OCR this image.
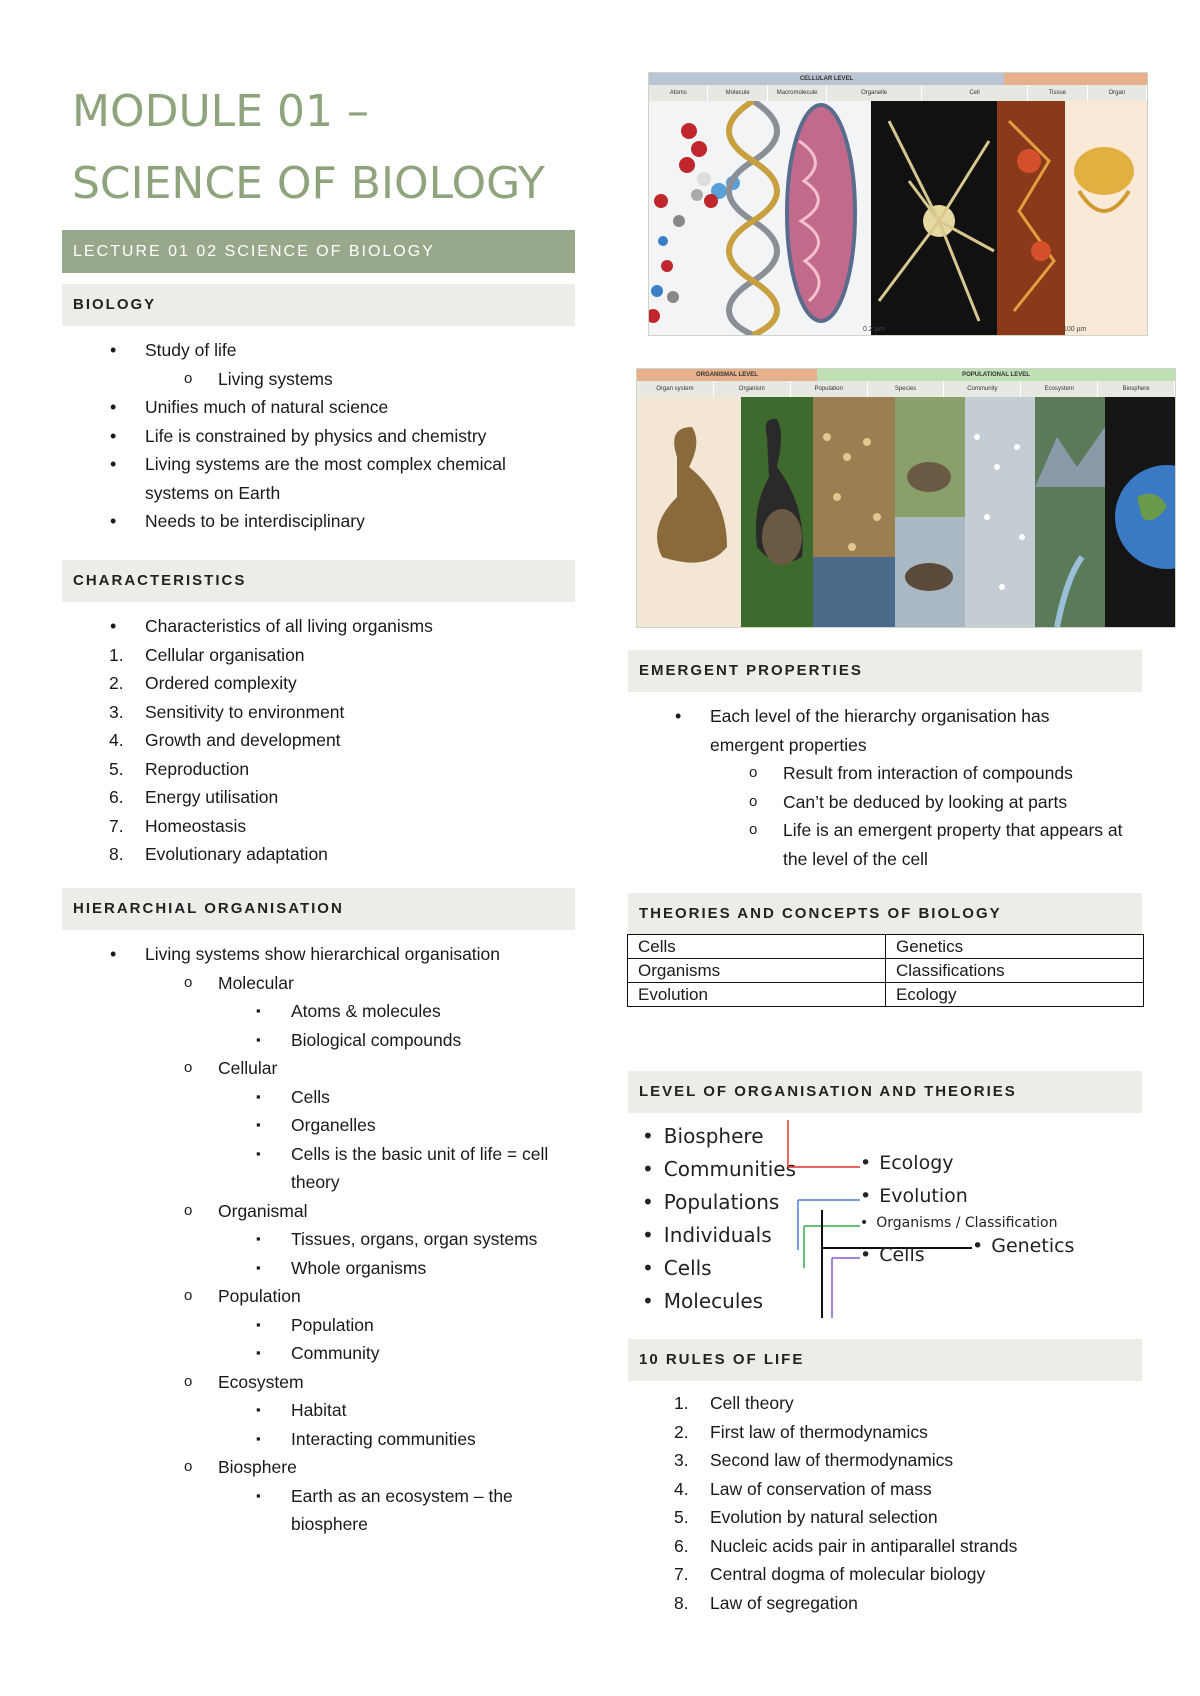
MODULE 01 –
SCIENCE OF BIOLOGY
LECTURE 01 02 SCIENCE OF BIOLOGY
BIOLOGY
• Study of life
o Living systems
• Unifies much of natural science
• Life is constrained by physics and chemistry
• Living systems are the most complex chemical systems on Earth
• Needs to be interdisciplinary
CHARACTERISTICS
• Characteristics of all living organisms
1. Cellular organisation
2. Ordered complexity
3. Sensitivity to environment
4. Growth and development
5. Reproduction
6. Energy utilisation
7. Homeostasis
8. Evolutionary adaptation
HIERARCHIAL ORGANISATION
• Living systems show hierarchical organisation
o Molecular
▪ Atoms & molecules
▪ Biological compounds
o Cellular
▪ Cells
▪ Organelles
▪ Cells is the basic unit of life = cell theory
o Organismal
▪ Tissues, organs, organ systems
▪ Whole organisms
o Population
▪ Population
▪ Community
o Ecosystem
▪ Habitat
▪ Interacting communities
o Biosphere
▪ Earth as an ecosystem – the biosphere
CELLULAR LEVEL
Atoms	Molecule	Macromolecule	Organelle	Cell	Tissue	Organ
0.2 µm	100 µm
ORGANISMAL LEVEL	POPULATIONAL LEVEL
Organ system	Organism	Population	Species	Community	Ecosystem	Biosphere
EMERGENT PROPERTIES
• Each level of the hierarchy organisation has emergent properties
o Result from interaction of compounds
o Can’t be deduced by looking at parts
o Life is an emergent property that appears at the level of the cell
THEORIES AND CONCEPTS OF BIOLOGY
Cells	Genetics
Organisms	Classifications
Evolution	Ecology
LEVEL OF ORGANISATION AND THEORIES
• Biosphere
• Communities
• Populations
• Individuals
• Cells
• Molecules
• Ecology
• Evolution
• Organisms / Classification
• Cells	• Genetics
10 RULES OF LIFE
1. Cell theory
2. First law of thermodynamics
3. Second law of thermodynamics
4. Law of conservation of mass
5. Evolution by natural selection
6. Nucleic acids pair in antiparallel strands
7. Central dogma of molecular biology
8. Law of segregation
